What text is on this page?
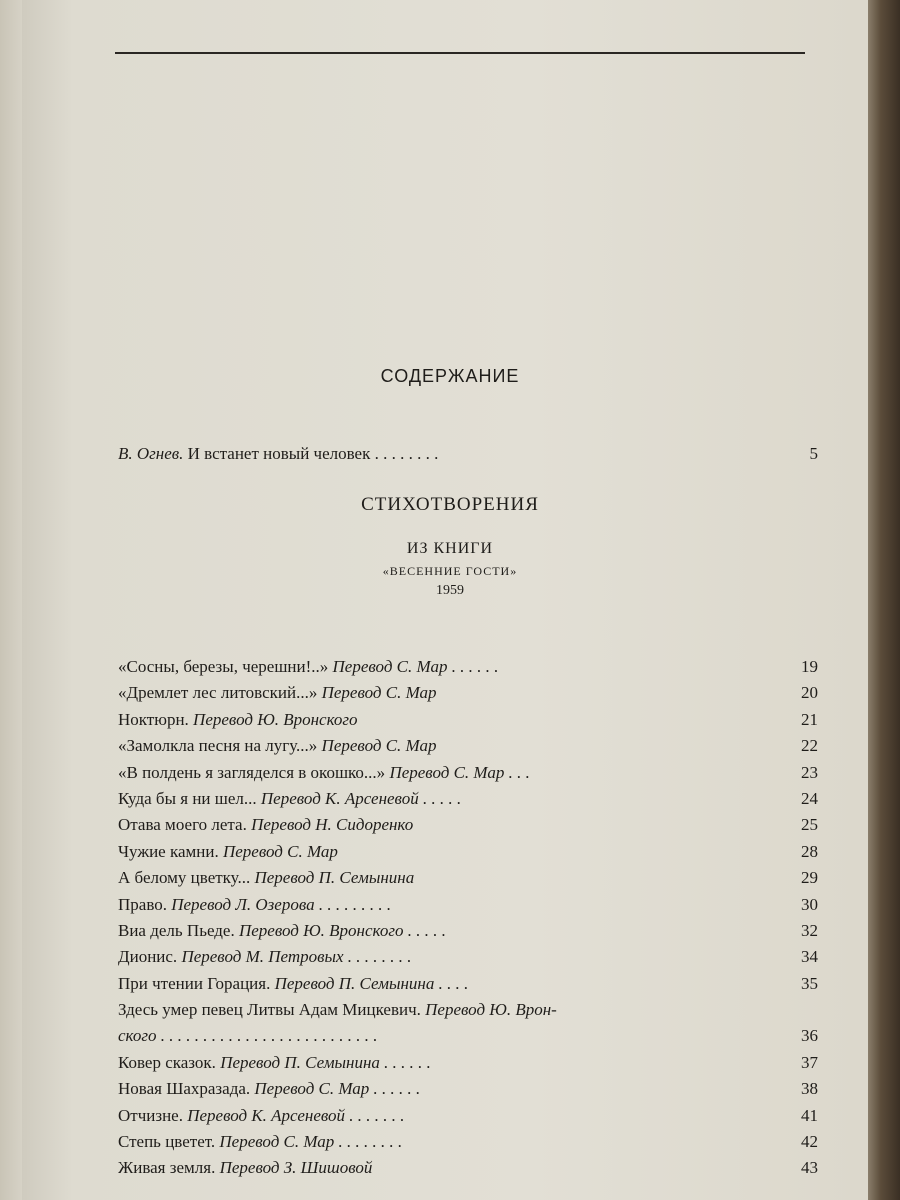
СОДЕРЖАНИЕ
В. Огнев. И встанет новый человек . . . . . . . .	5
СТИХОТВОРЕНИЯ
ИЗ КНИГИ
«ВЕСЕННИЕ ГОСТИ»
1959
«Сосны, березы, черешни!..» Перевод С. Мар . . . . . .	19
«Дремлет лес литовский...» Перевод С. Мар	20
Ноктюрн. Перевод Ю. Вронского	21
«Замолкла песня на лугу...» Перевод С. Мар	22
«В полдень я загляделся в окошко...» Перевод С. Мар . . .	23
Куда бы я ни шел... Перевод К. Арсеневой . . . . .	24
Отава моего лета. Перевод Н. Сидоренко	25
Чужие камни. Перевод С. Мар	28
А белому цветку... Перевод П. Семынина	29
Право. Перевод Л. Озерова . . . . . . . . .	30
Виа дель Пьеде. Перевод Ю. Вронского . . . . .	32
Дионис. Перевод М. Петровых . . . . . . . .	34
При чтении Горация. Перевод П. Семынина . . . .	35
Здесь умер певец Литвы Адам Мицкевич. Перевод Ю. Врон-
ского . . . . . . . . . . . . . . . . . . . . . . . . . .	36
Ковер сказок. Перевод П. Семынина . . . . . .	37
Новая Шахразада. Перевод С. Мар . . . . . .	38
Отчизне. Перевод К. Арсеневой . . . . . . .	41
Степь цветет. Перевод С. Мар . . . . . . . .	42
Живая земля. Перевод З. Шишовой	43
